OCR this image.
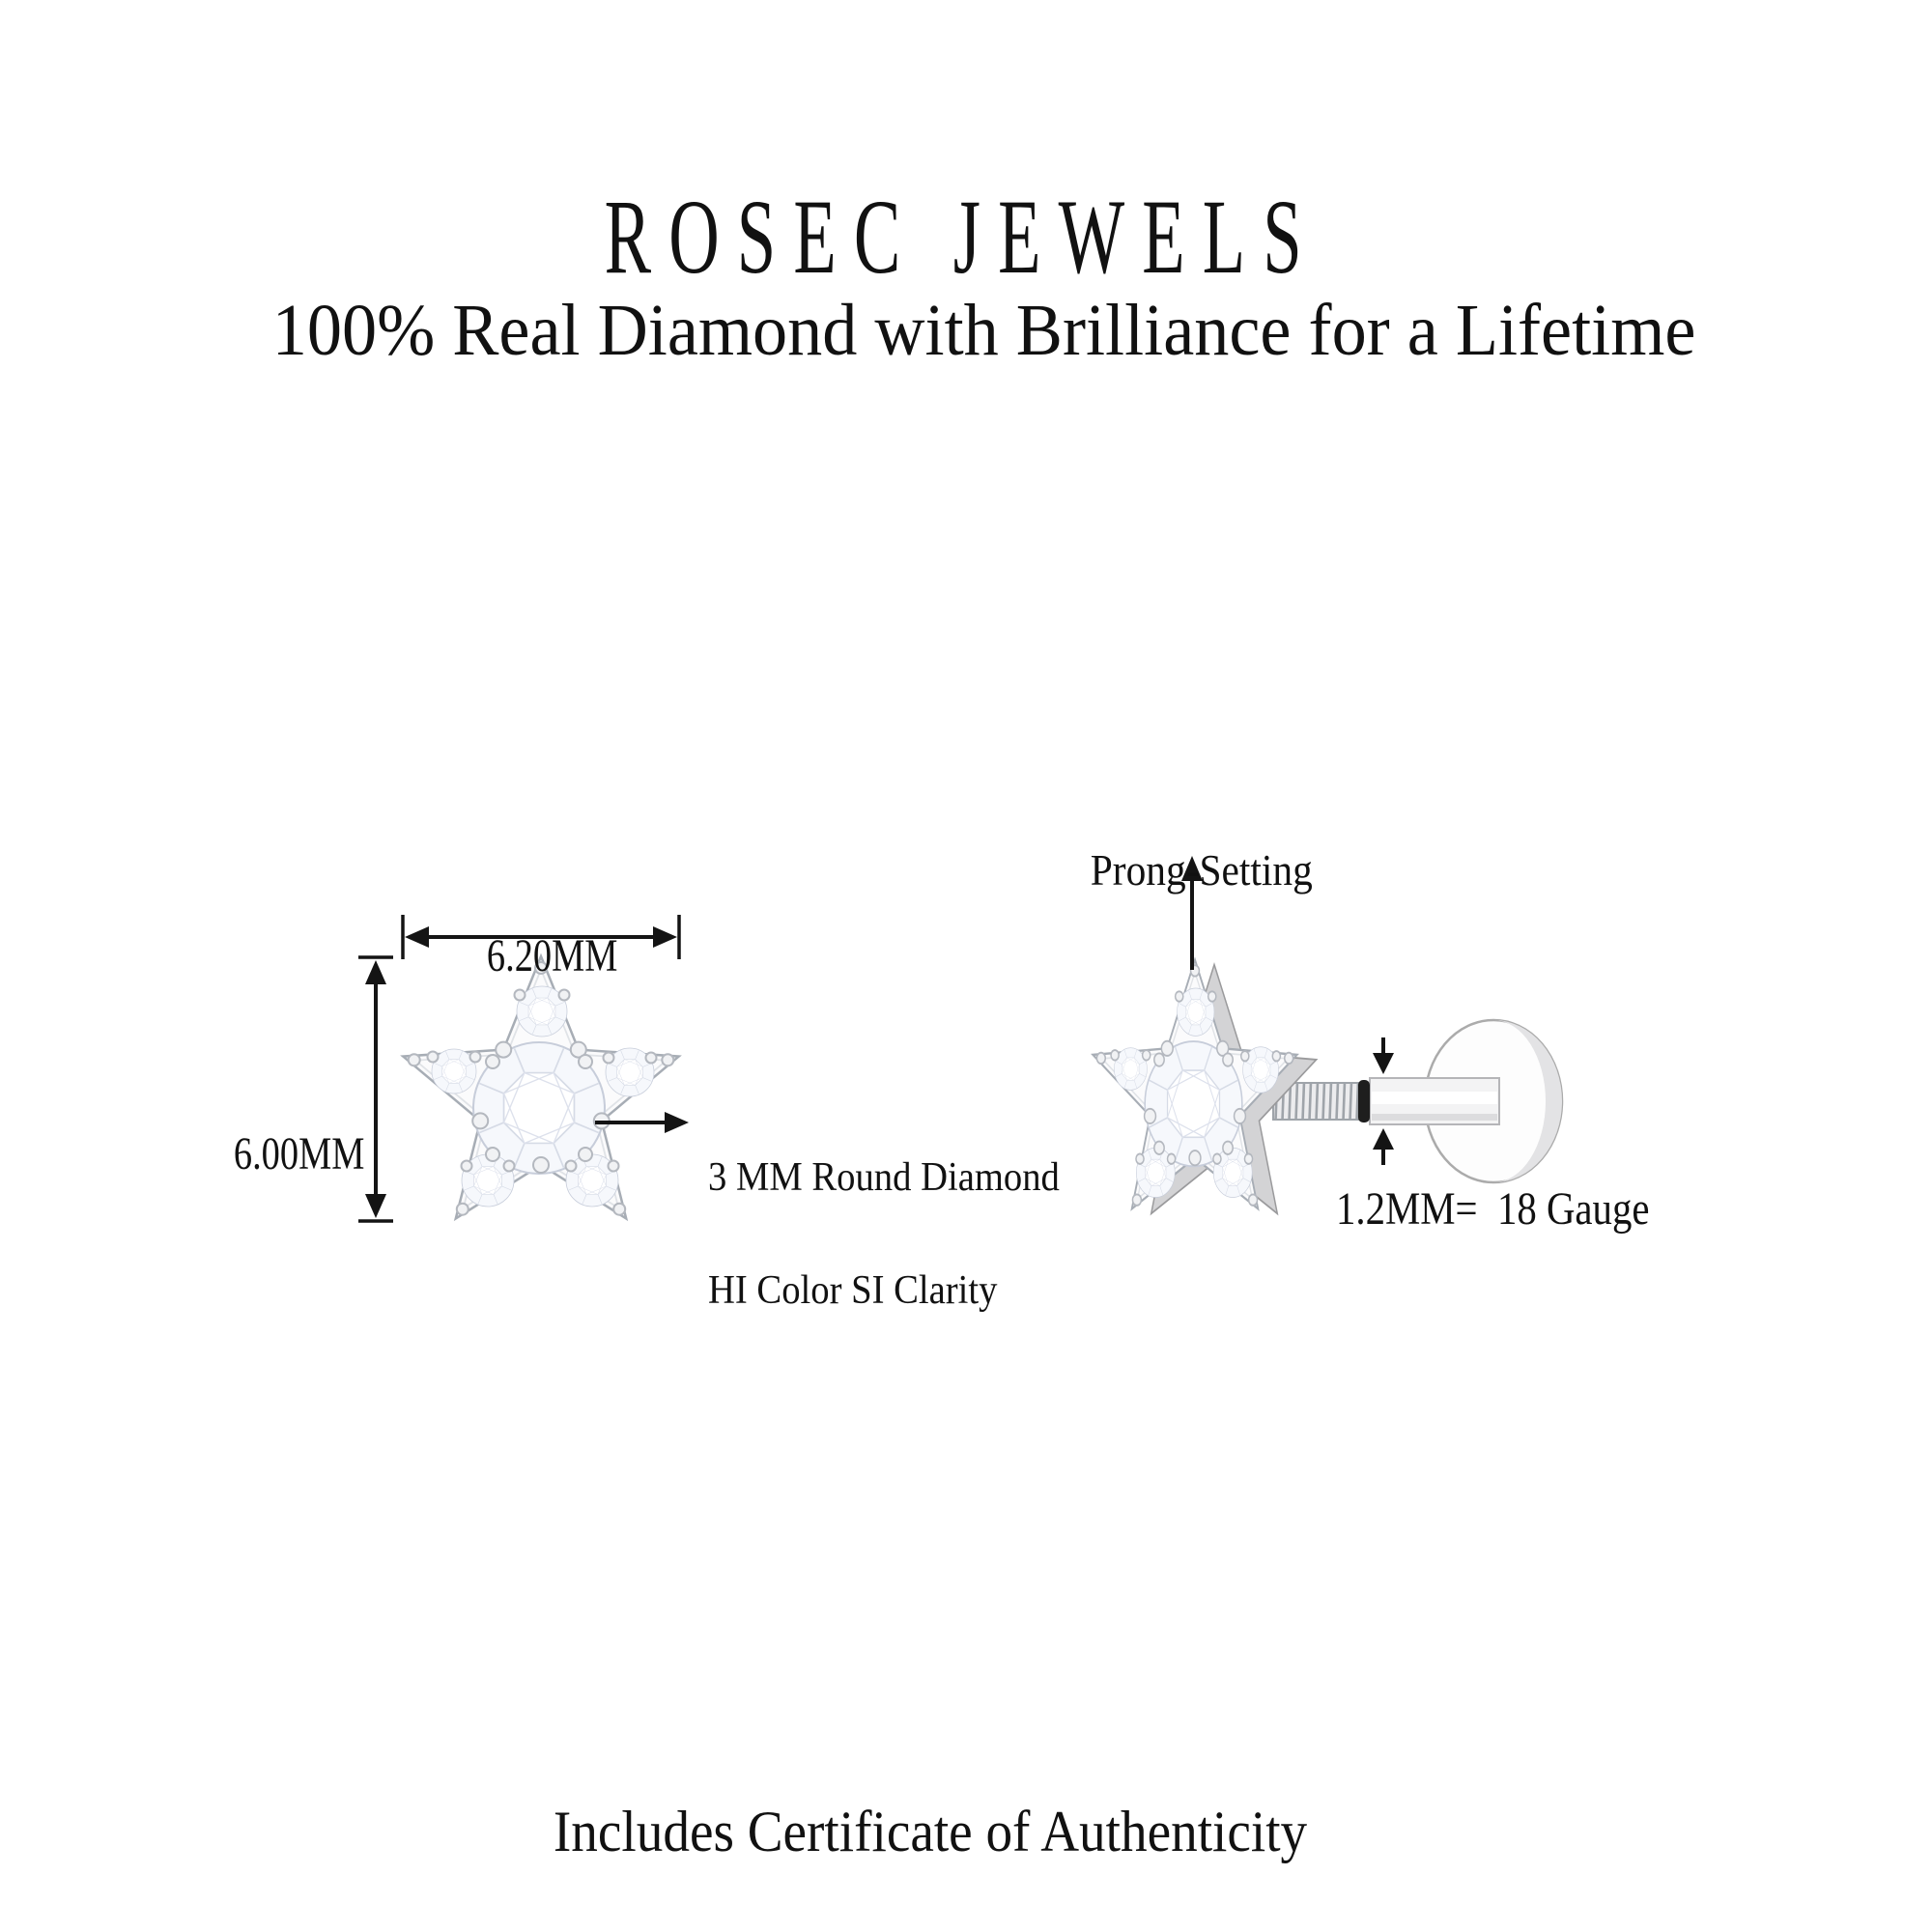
ROSEC JEWELS

100% Real Diamond with Brilliance for a Lifetime

6.20MM

6.00MM

	3 MM Round Diamond

HI Color SI Clarity

Prong-Setting

1.2MM=  18 Gauge

Includes Certificate of Authenticity
